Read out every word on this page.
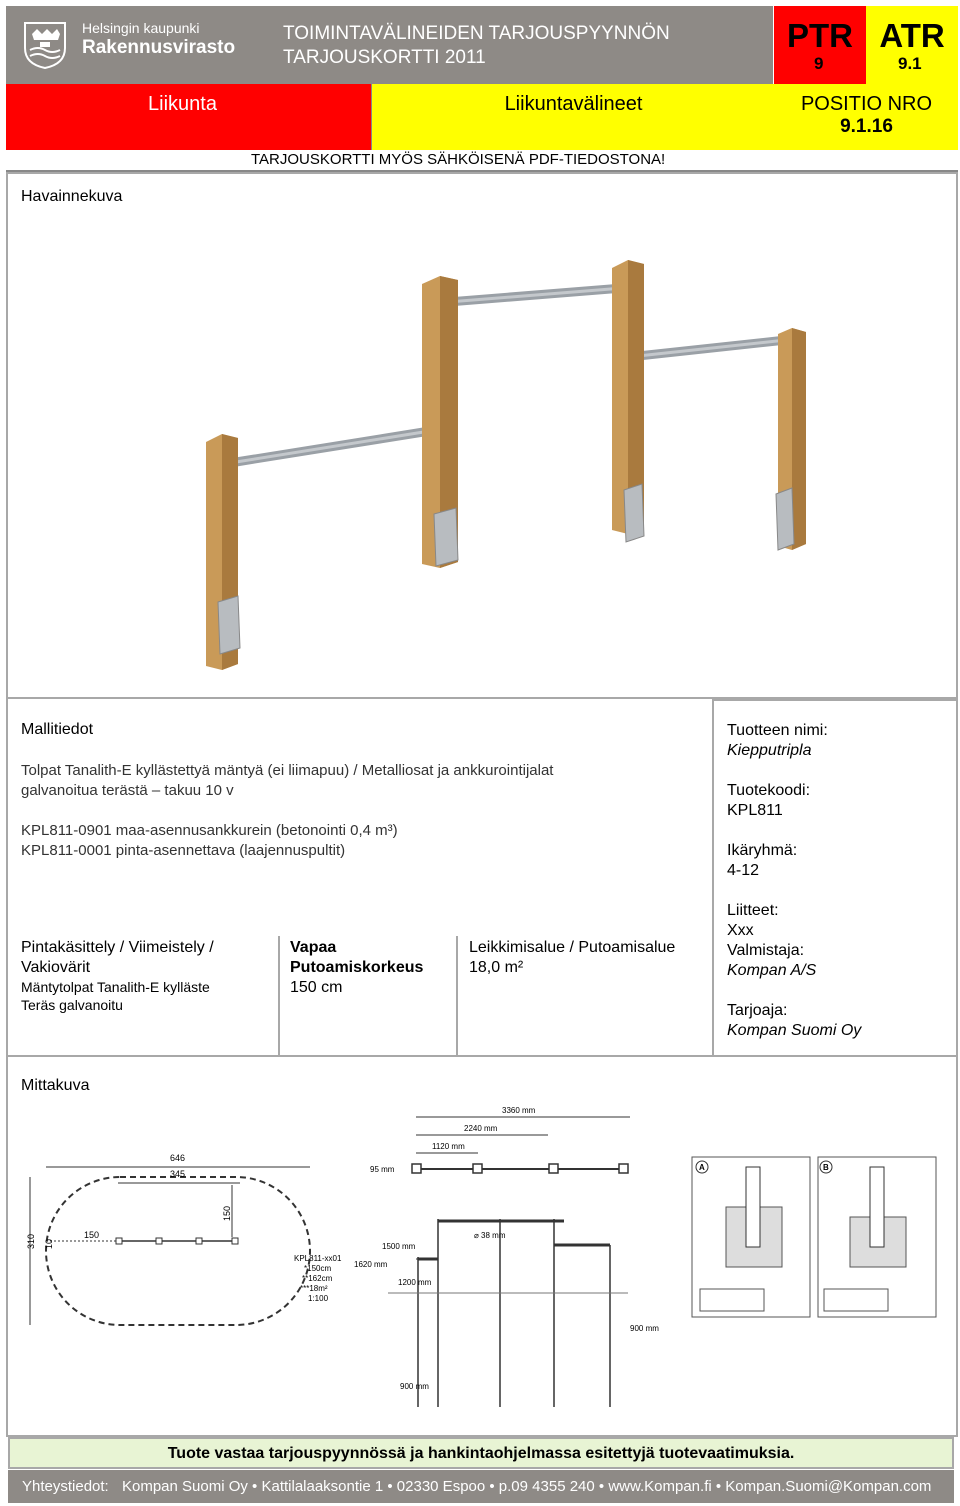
Helsingin kaupunki
Rakennusvirasto
TOIMINTAVÄLINEIDEN TARJOUSPYYNNÖN
TARJOUSKORTTI 2011
PTR
9
ATR
9.1
Liikunta	Liikuntavälineet	POSITIO NRO
9.1.16
TARJOUSKORTTI MYÖS SÄHKÖISENÄ PDF-TIEDOSTONA!
Havainnekuva
Mallitiedot
Tolpat Tanalith-E kyllästettyä mäntyä (ei liimapuu) / Metalliosat ja ankkurointijalat
galvanoitua terästä – takuu 10 v
KPL811-0901 maa-asennusankkurein (betonointi 0,4 m³)
KPL811-0001 pinta-asennettava (laajennuspultit)
Tuotteen nimi:
Kiepputripla
Tuotekoodi:
KPL811
Ikäryhmä:
4-12
Liitteet:
Xxx
Valmistaja:
Kompan A/S
Tarjoaja:
Kompan Suomi Oy
Pintakäsittely / Viimeistely /
Vakiovärit
Mäntytolpat Tanalith-E kylläste
Teräs galvanoitu
Vapaa
Putoamiskorkeus
150 cm
Leikkimisalue / Putoamisalue
18,0 m²
Mittakuva
646
345
150
150
310 10
KPL811-xx01
*150cm
**162cm
***18m²
1:100
3360 mm
2240 mm
1120 mm
95 mm
⌀ 38 mm
1500 mm
1620 mm
1200 mm
900 mm
900 mm
A	B
Tuote vastaa tarjouspyynnössä ja hankintaohjelmassa esitettyjä tuotevaatimuksia.
Yhteystiedot: Kompan Suomi Oy • Kattilalaaksontie 1 • 02330 Espoo • p.09 4355 240 • www.Kompan.fi • Kompan.Suomi@Kompan.com
